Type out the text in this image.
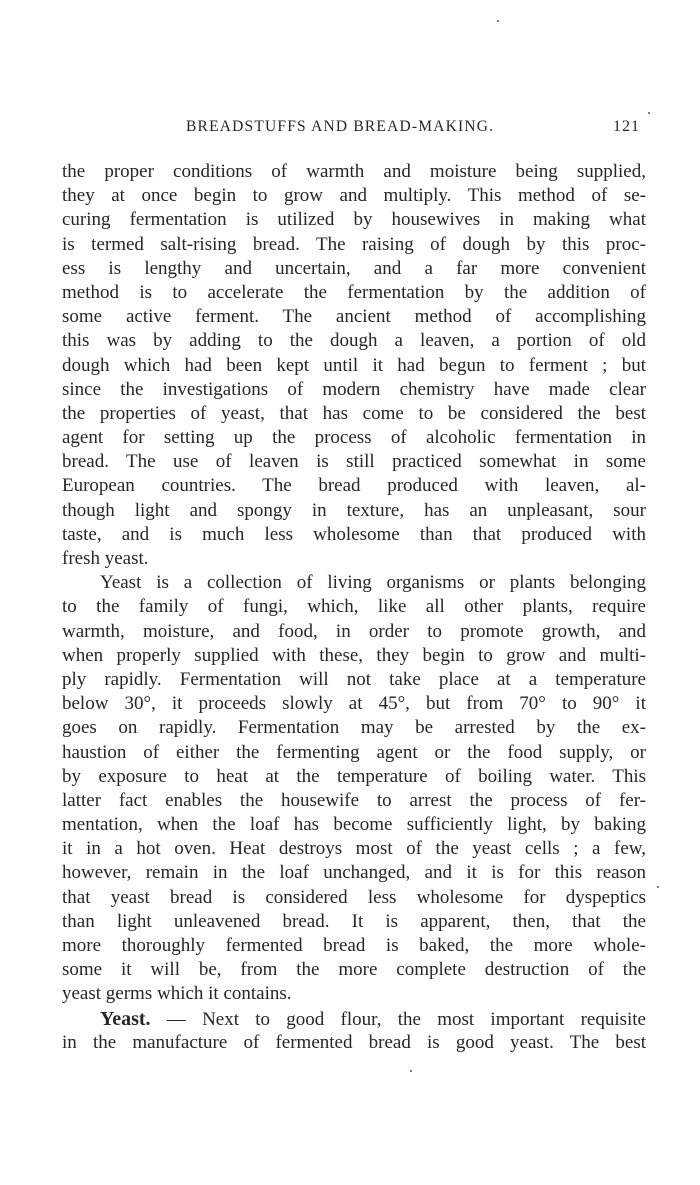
BREADSTUFFS AND BREAD-MAKING.	121
the proper conditions of warmth and moisture being supplied,
they at once begin to grow and multiply. This method of se-
curing fermentation is utilized by housewives in making what
is termed salt-rising bread. The raising of dough by this proc-
ess is lengthy and uncertain, and a far more convenient
method is to accelerate the fermentation by the addition of
some active ferment. The ancient method of accomplishing
this was by adding to the dough a leaven, a portion of old
dough which had been kept until it had begun to ferment ; but
since the investigations of modern chemistry have made clear
the properties of yeast, that has come to be considered the best
agent for setting up the process of alcoholic fermentation in
bread. The use of leaven is still practiced somewhat in some
European countries. The bread produced with leaven, al-
though light and spongy in texture, has an unpleasant, sour
taste, and is much less wholesome than that produced with
fresh yeast.
Yeast is a collection of living organisms or plants belonging
to the family of fungi, which, like all other plants, require
warmth, moisture, and food, in order to promote growth, and
when properly supplied with these, they begin to grow and multi-
ply rapidly. Fermentation will not take place at a temperature
below 30°, it proceeds slowly at 45°, but from 70° to 90° it
goes on rapidly. Fermentation may be arrested by the ex-
haustion of either the fermenting agent or the food supply, or
by exposure to heat at the temperature of boiling water. This
latter fact enables the housewife to arrest the process of fer-
mentation, when the loaf has become sufficiently light, by baking
it in a hot oven. Heat destroys most of the yeast cells ; a few,
however, remain in the loaf unchanged, and it is for this reason
that yeast bread is considered less wholesome for dyspeptics
than light unleavened bread. It is apparent, then, that the
more thoroughly fermented bread is baked, the more whole-
some it will be, from the more complete destruction of the
yeast germs which it contains.
Yeast. — Next to good flour, the most important requisite
in the manufacture of fermented bread is good yeast. The best
